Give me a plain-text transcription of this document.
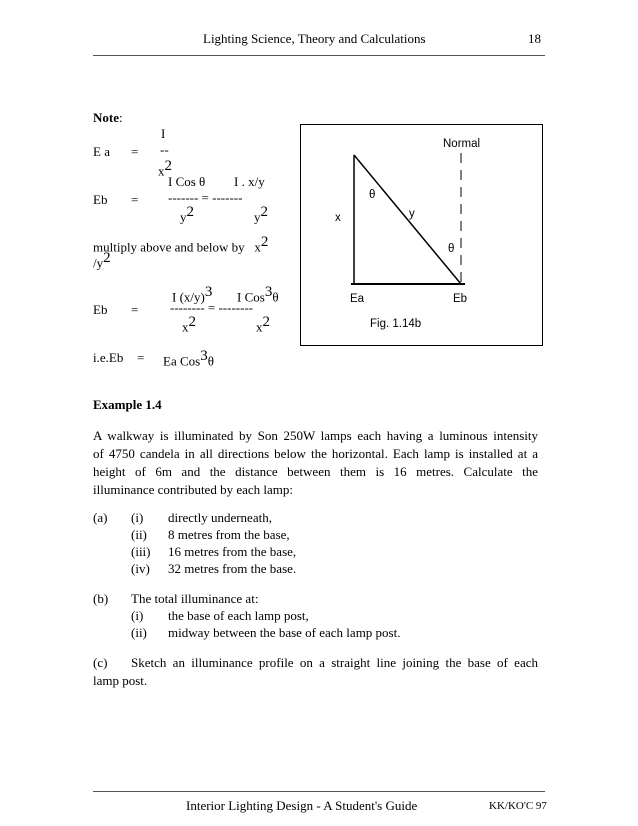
Lighting Science, Theory and Calculations	18
Note:
I
E a = --
$x^2$
I Cos θ I . x/y
Eb = ------- = -------
$y^2$	$y^2$
multiply above and below by $x^2$
$/y^2$
I $(x/y)^3$ I Cos$^3$θ
Eb = -------- = --------
$x^2$	$x^2$
i.e.Eb = Ea Cos$^3$θ
Normal
θ
θ
x	y
Ea	Eb
Fig. 1.14b
Example 1.4
A walkway is illuminated by Son 250W lamps each having a luminous intensity
of 4750 candela in all directions below the horizontal. Each lamp is installed at a
height of 6m and the distance between them is 16 metres. Calculate the
illuminance contributed by each lamp:
(a) (i) directly underneath,
(ii) 8 metres from the base,
(iii) 16 metres from the base,
(iv) 32 metres from the base.
(b) The total illuminance at:
(i) the base of each lamp post,
(ii) midway between the base of each lamp post.
(c) Sketch an illuminance profile on a straight line joining the base of each
lamp post.
Interior Lighting Design - A Student's Guide	KK/KO'C 97
